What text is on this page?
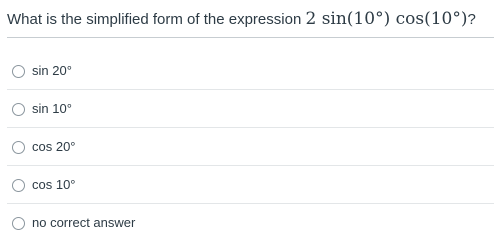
What is the simplified form of the expression 2 sin(10°) cos(10°)?
sin 20°
sin 10°
cos 20°
cos 10°
no correct answer
